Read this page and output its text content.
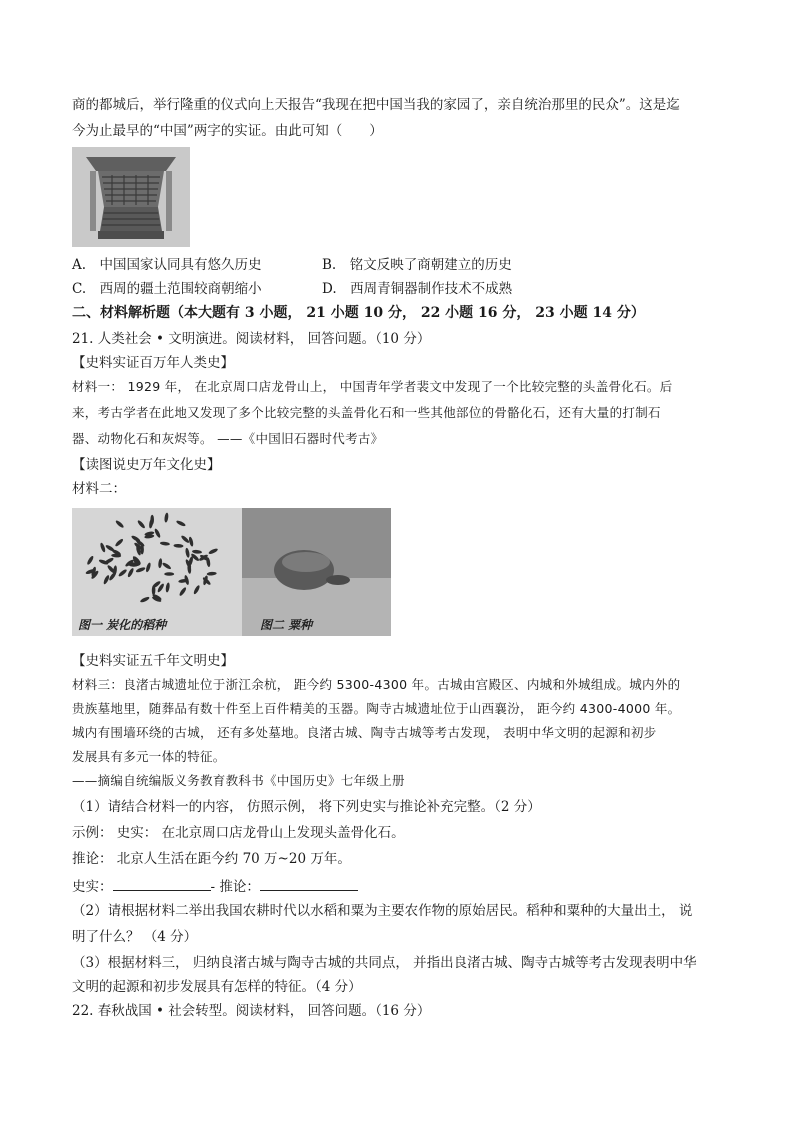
商的都城后，举行隆重的仪式向上天报告“我现在把中国当我的家园了，亲自统治那里的民众”。这是迄
今为止最早的“中国”两字的实证。由此可知（　　）
A.　中国国家认同具有悠久历史	B.　铭文反映了商朝建立的历史
C.　西周的疆土范围较商朝缩小	D.　西周青铜器制作技术不成熟
二、材料解析题（本大题有 3 小题， 21 小题 10 分， 22 小题 16 分， 23 小题 14 分）
21. 人类社会 • 文明演进。阅读材料， 回答问题。（10 分）
【史料实证百万年人类史】
材料一： 1929 年， 在北京周口店龙骨山上， 中国青年学者裴文中发现了一个比较完整的头盖骨化石。后
来，考古学者在此地又发现了多个比较完整的头盖骨化石和一些其他部位的骨骼化石，还有大量的打制石
器、动物化石和灰烬等。 ——《中国旧石器时代考古》
【读图说史万年文化史】
材料二：
图一 炭化的稻种	图二 粟种
【史料实证五千年文明史】
材料三：良渚古城遗址位于浙江余杭， 距今约 5300-4300 年。古城由宫殿区、内城和外城组成。城内外的
贵族墓地里，随葬品有数十件至上百件精美的玉器。陶寺古城遗址位于山西襄汾， 距今约 4300-4000 年。
城内有围墙环绕的古城， 还有多处墓地。良渚古城、陶寺古城等考古发现， 表明中华文明的起源和初步
发展具有多元一体的特征。
——摘编自统编版义务教育教科书《中国历史》七年级上册
（1）请结合材料一的内容， 仿照示例， 将下列史实与推论补充完整。（2 分）
示例： 史实： 在北京周口店龙骨山上发现头盖骨化石。
推论： 北京人生活在距今约 70 万~20 万年。
史实：	- 推论：
（2）请根据材料二举出我国农耕时代以水稻和粟为主要农作物的原始居民。稻种和粟种的大量出土， 说
明了什么？ （4 分）
（3）根据材料三， 归纳良渚古城与陶寺古城的共同点， 并指出良渚古城、陶寺古城等考古发现表明中华
文明的起源和初步发展具有怎样的特征。（4 分）
22. 春秋战国 • 社会转型。阅读材料， 回答问题。（16 分）
